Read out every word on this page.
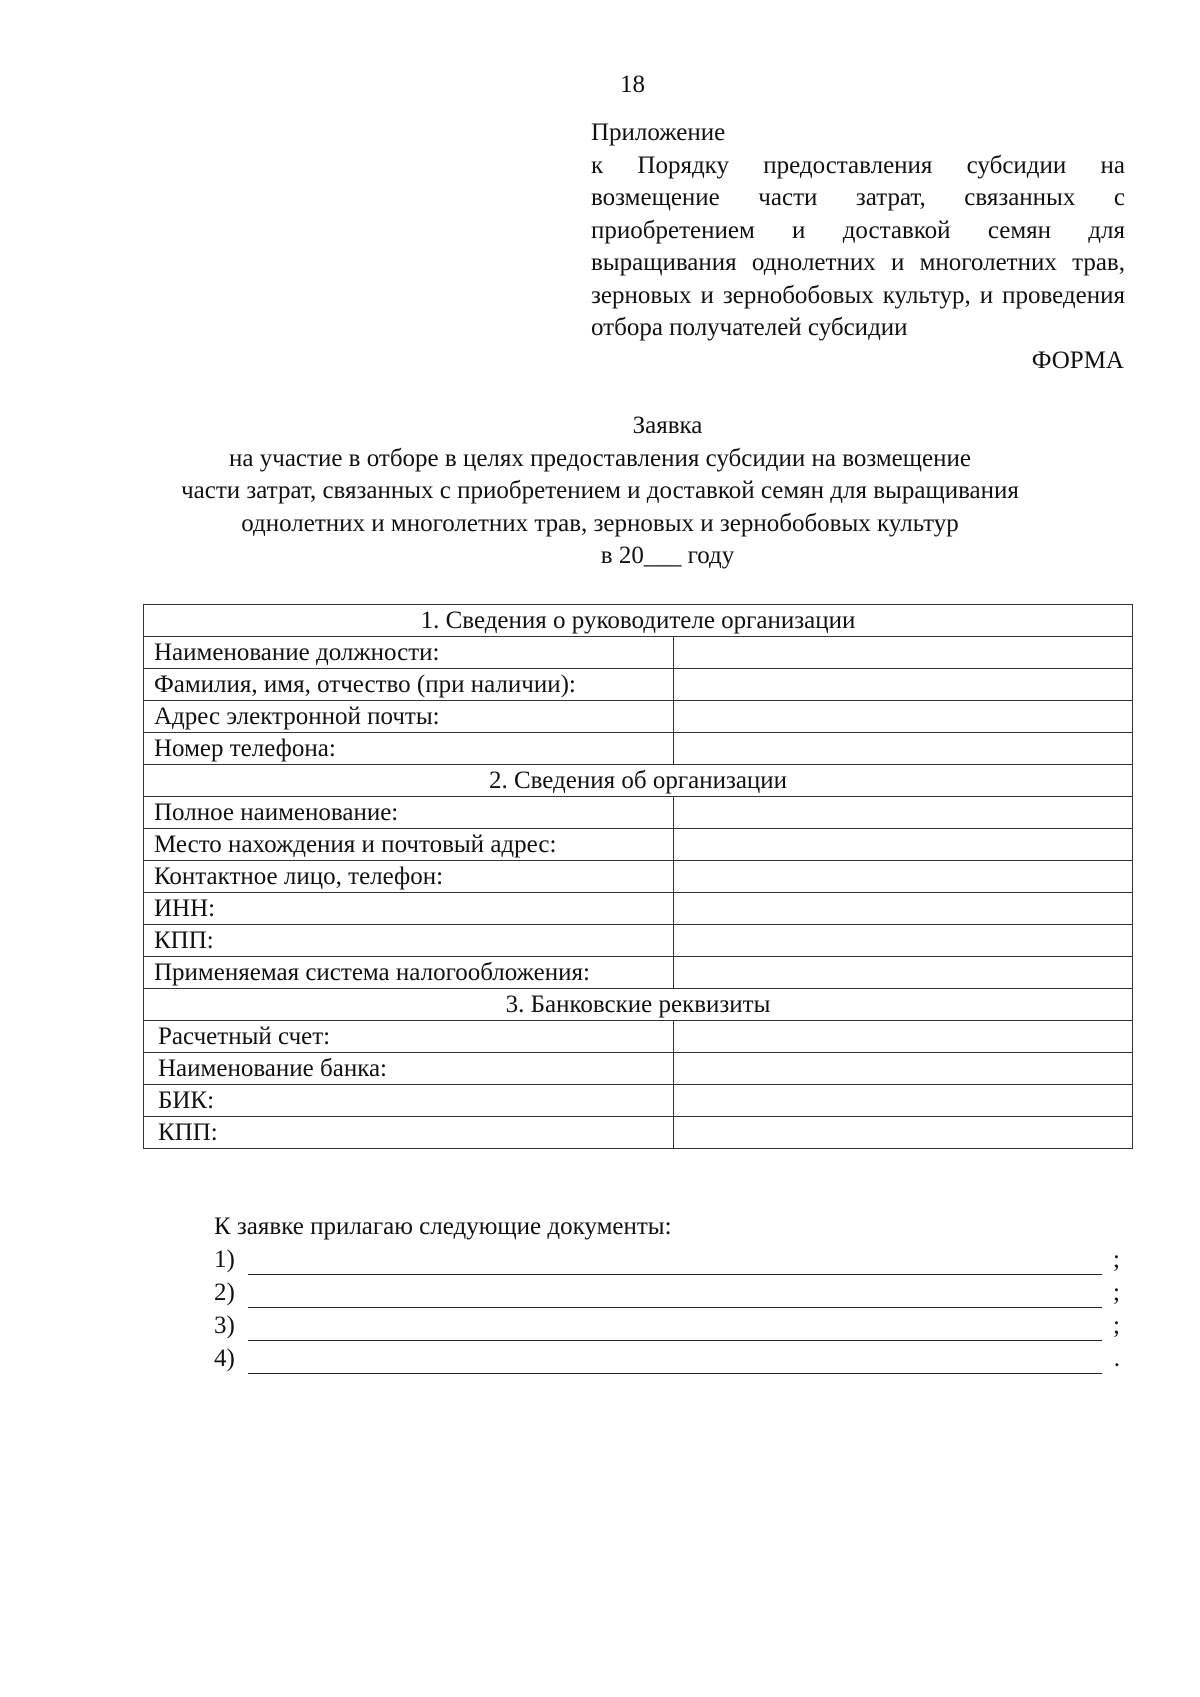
18
Приложение
к Порядку предоставления субсидии на возмещение части затрат, связанных с приобретением и доставкой семян для выращивания однолетних и многолетних трав, зерновых и зернобобовых культур, и проведения отбора получателей субсидии
ФОРМА
Заявка
на участие в отборе в целях предоставления субсидии на возмещение
части затрат, связанных с приобретением и доставкой семян для выращивания
однолетних и многолетних трав, зерновых и зернобобовых культур
в 20___ году
1. Сведения о руководителе организации	
Наименование должности:	
Фамилия, имя, отчество (при наличии):	
Адрес электронной почты:	
Номер телефона:	
2. Сведения об организации	
Полное наименование:	
Место нахождения и почтовый адрес:	
Контактное лицо, телефон:	
ИНН:	
КПП:	
Применяемая система налогообложения:	
3. Банковские реквизиты	
Расчетный счет:	
Наименование банка:	
БИК:	
КПП:	
К заявке прилагаю следующие документы:
1)	;
2)	;
3)	;
4)	.
